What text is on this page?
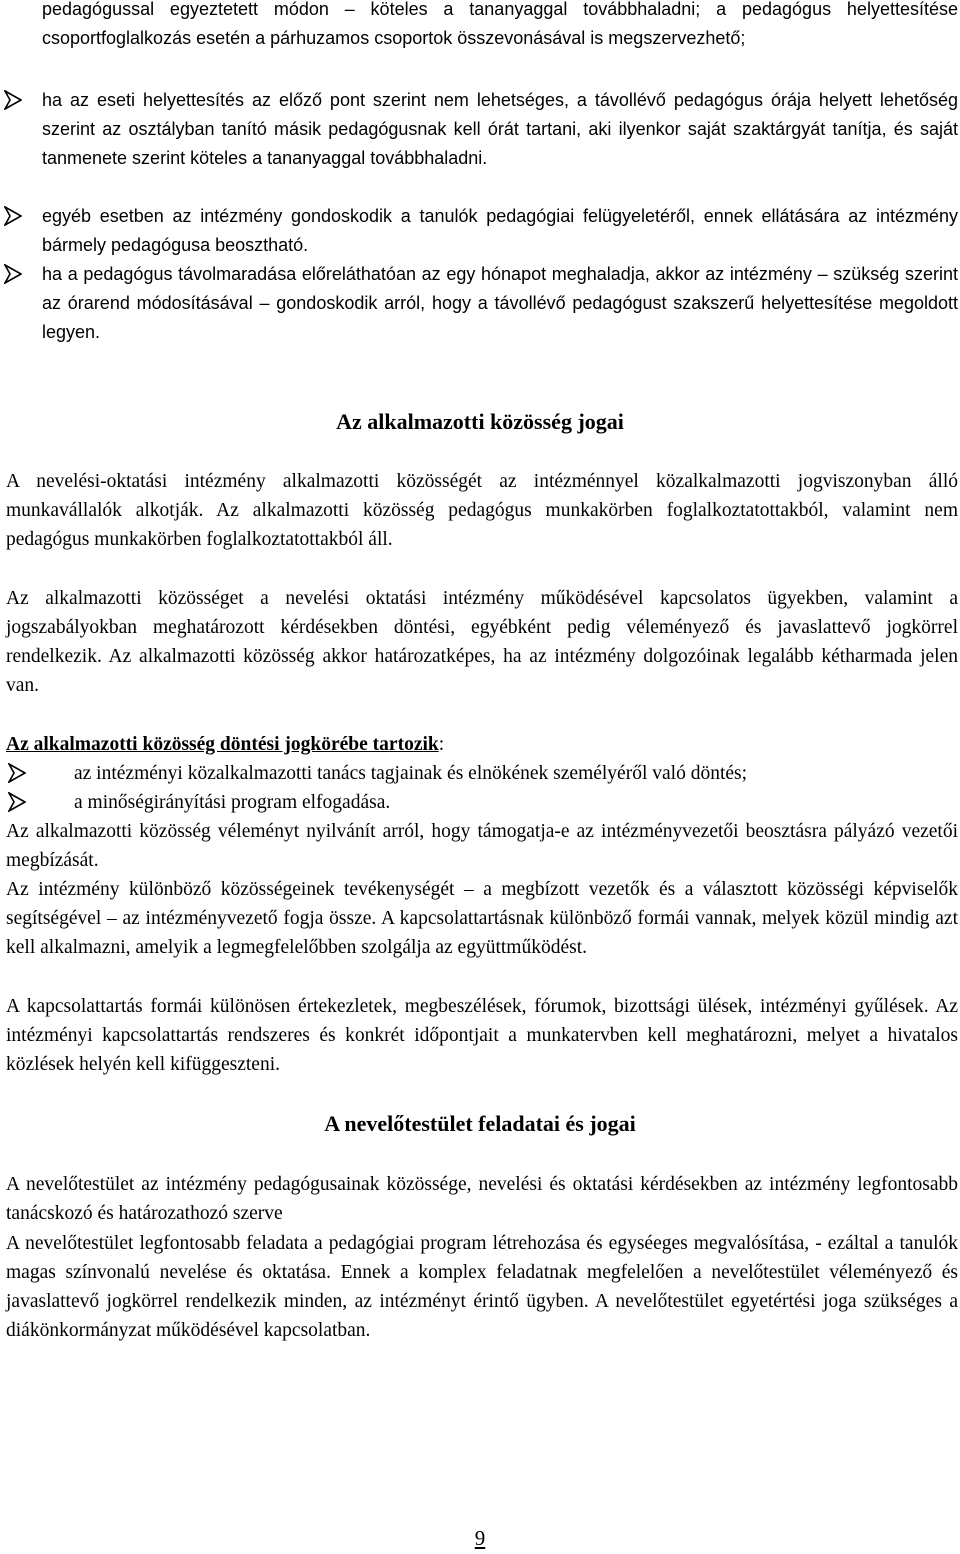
pedagógussal egyeztetett módon – köteles a tananyaggal továbbhaladni; a pedagógus helyettesítése csoportfoglalkozás esetén a párhuzamos csoportok összevonásával is megszervezhető;

ha az eseti helyettesítés az előző pont szerint nem lehetséges, a távollévő pedagógus órája helyett lehetőség szerint az osztályban tanító másik pedagógusnak kell órát tartani, aki ilyenkor saját szaktárgyát tanítja, és saját tanmenete szerint köteles a tananyaggal továbbhaladni.

egyéb esetben az intézmény gondoskodik a tanulók pedagógiai felügyeletéről, ennek ellátására az intézmény bármely pedagógusa beosztható.

ha a pedagógus távolmaradása előreláthatóan az egy hónapot meghaladja, akkor az intézmény – szükség szerint az órarend módosításával – gondoskodik arról, hogy a távollévő pedagógust szakszerű helyettesítése megoldott legyen.

Az alkalmazotti közösség jogai

A nevelési-oktatási intézmény alkalmazotti közösségét az intézménnyel közalkalmazotti jogviszonyban álló munkavállalók alkotják. Az alkalmazotti közösség pedagógus munkakörben foglalkoztatottakból, valamint nem pedagógus munkakörben foglalkoztatottakból áll.

Az alkalmazotti közösséget a nevelési oktatási intézmény működésével kapcsolatos ügyekben, valamint a jogszabályokban meghatározott kérdésekben döntési, egyébként pedig véleményező és javaslattevő jogkörrel rendelkezik. Az alkalmazotti közösség akkor határozatképes, ha az intézmény dolgozóinak legalább kétharmada jelen van.

Az alkalmazotti közösség döntési jogkörébe tartozik:

az intézményi közalkalmazotti tanács tagjainak és elnökének személyéről való döntés;

a minőségirányítási program elfogadása.

Az alkalmazotti közösség véleményt nyilvánít arról, hogy támogatja-e az intézményvezetői beosztásra pályázó vezetői megbízását.

Az intézmény különböző közösségeinek tevékenységét – a megbízott vezetők és a választott közösségi képviselők segítségével – az intézményvezető fogja össze. A kapcsolattartásnak különböző formái vannak, melyek közül mindig azt kell alkalmazni, amelyik a legmegfelelőbben szolgálja az együttműködést.

A kapcsolattartás formái különösen értekezletek, megbeszélések, fórumok, bizottsági ülések, intézményi gyűlések. Az intézményi kapcsolattartás rendszeres és konkrét időpontjait a munkatervben kell meghatározni, melyet a hivatalos közlések helyén kell kifüggeszteni.

A nevelőtestület feladatai és jogai

A nevelőtestület az intézmény pedagógusainak közössége, nevelési és oktatási kérdésekben az intézmény legfontosabb tanácskozó és határozathozó szerve

A nevelőtestület legfontosabb feladata a pedagógiai program létrehozása és egyséeges megvalósítása, - ezáltal a tanulók magas színvonalú nevelése és oktatása. Ennek a komplex feladatnak megfelelően a nevelőtestület véleményező és javaslattevő jogkörrel rendelkezik minden, az intézményt érintő ügyben. A nevelőtestület egyetértési joga szükséges a diákönkormányzat működésével kapcsolatban.

9
